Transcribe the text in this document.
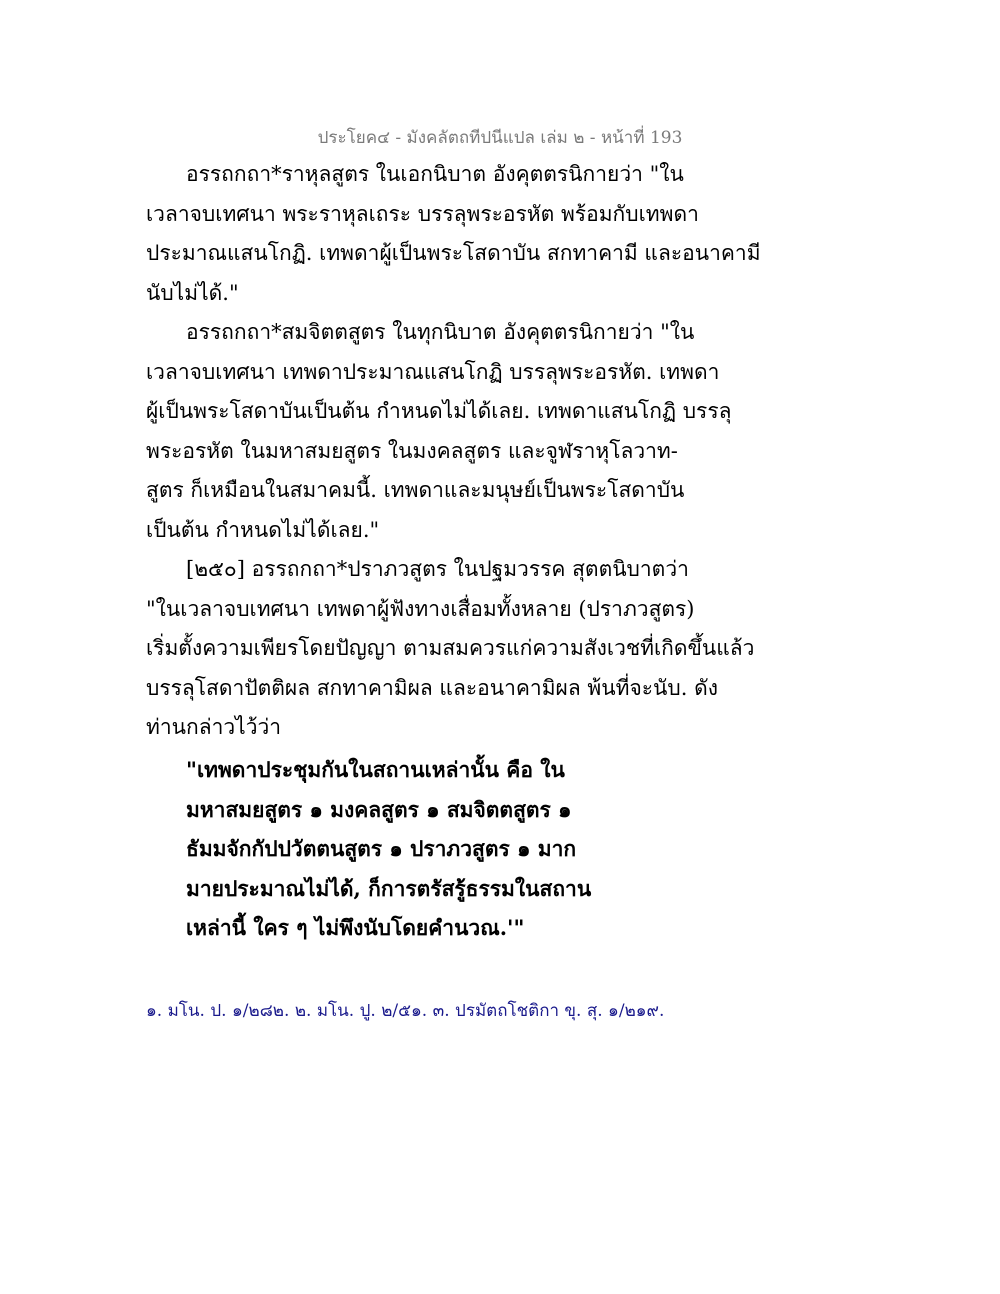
ประโยค๔ - มังคลัตถทีปนีแปล เล่ม ๒ - หน้าที่ 193
อรรถกถา*ราหุลสูตร ในเอกนิบาต อังคุตตรนิกายว่า "ใน
เวลาจบเทศนา พระราหุลเถระ บรรลุพระอรหัต พร้อมกับเทพดา
ประมาณแสนโกฏิ. เทพดาผู้เป็นพระโสดาบัน สกทาคามี และอนาคามี
นับไม่ได้."
อรรถกถา*สมจิตตสูตร ในทุกนิบาต อังคุตตรนิกายว่า "ใน
เวลาจบเทศนา เทพดาประมาณแสนโกฏิ บรรลุพระอรหัต. เทพดา
ผู้เป็นพระโสดาบันเป็นต้น กำหนดไม่ได้เลย. เทพดาแสนโกฏิ บรรลุ
พระอรหัต ในมหาสมยสูตร ในมงคลสูตร และจูฬราหุโลวาท-
สูตร ก็เหมือนในสมาคมนี้. เทพดาและมนุษย์เป็นพระโสดาบัน
เป็นต้น กำหนดไม่ได้เลย."
[๒๕๐] อรรถกถา*ปราภวสูตร ในปฐมวรรค สุตตนิบาตว่า
"ในเวลาจบเทศนา เทพดาผู้ฟังทางเสื่อมทั้งหลาย (ปราภวสูตร)
เริ่มตั้งความเพียรโดยปัญญา ตามสมควรแก่ความสังเวชที่เกิดขึ้นแล้ว
บรรลุโสดาปัตติผล สกทาคามิผล และอนาคามิผล พ้นที่จะนับ. ดัง
ท่านกล่าวไว้ว่า
"เทพดาประชุมกันในสถานเหล่านั้น คือ ใน
มหาสมยสูตร ๑ มงคลสูตร ๑ สมจิตตสูตร ๑
ธัมมจักกัปปวัตตนสูตร ๑ ปราภวสูตร ๑ มาก
มายประมาณไม่ได้, ก็การตรัสรู้ธรรมในสถาน
เหล่านี้ ใคร ๆ ไม่พึงนับโดยคำนวณ.'"
๑. มโน. ป. ๑/๒๘๒. ๒. มโน. ปู. ๒/๕๑. ๓. ปรมัตถโชติกา ขุ. สุ. ๑/๒๑๙.
